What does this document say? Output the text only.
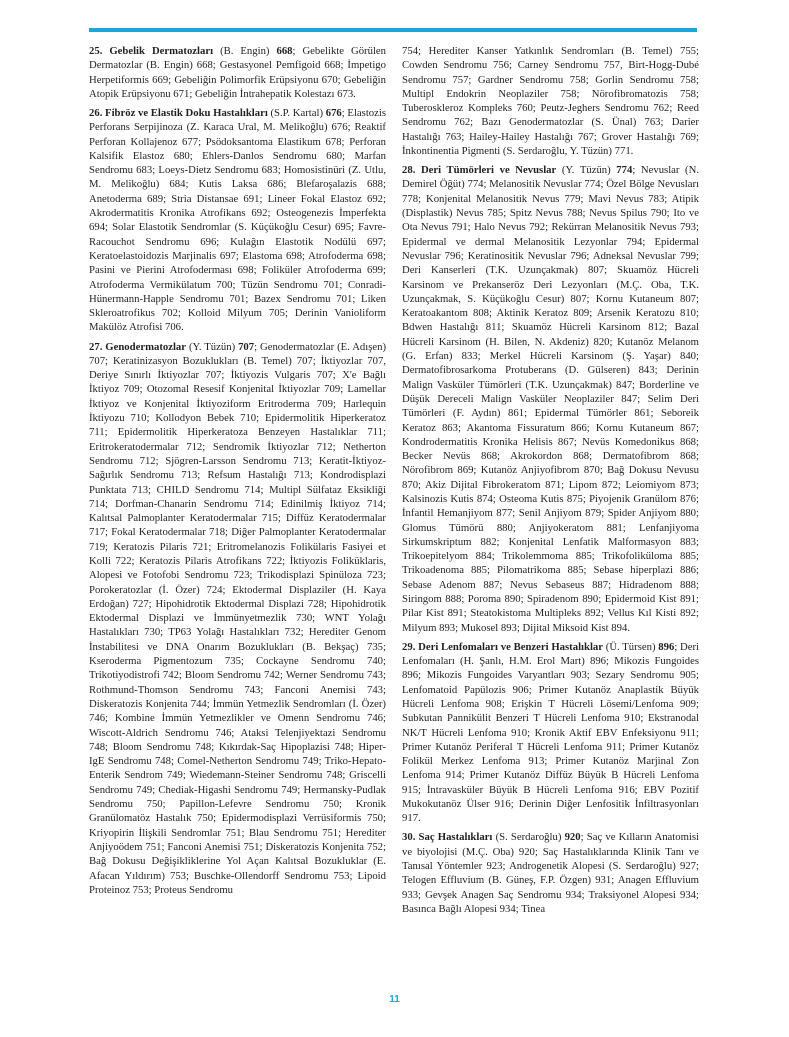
25. Gebelik Dermatozları (B. Engin) 668; Gebelikte Görülen Dermatozlar (B. Engin) 668; Gestasyonel Pemfigoid 668; İmpetigo Herpetiformis 669; Gebeliğin Polimorfik Erüpsiyonu 670; Gebeliğin Atopik Erüpsiyonu 671; Gebeliğin İntrahepatik Kolestazı 673.

26. Fibröz ve Elastik Doku Hastalıkları (S.P. Kartal) 676; Elastozis Perforans Serpijinoza (Z. Karaca Ural, M. Melikoğlu) 676; Reaktif Perforan Kollajenoz 677; Psödoksantoma Elastikum 678; Perforan Kalsifik Elastoz 680; Ehlers-Danlos Sendromu 680; Marfan Sendromu 683; Loeys-Dietz Sendromu 683; Homosistinüri (Z. Utlu, M. Melikoğlu) 684; Kutis Laksa 686; Blefaroşalazis 688; Anetoderma 689; Stria Distansae 691; Lineer Fokal Elastoz 692; Akrodermatitis Kronika Atrofikans 692; Osteogenezis İmperfekta 694; Solar Elastotik Sendromlar (S. Küçükoğlu Cesur) 695; Favre-Racouchot Sendromu 696; Kulağın Elastotik Nodülü 697; Keratoelastoidozis Marjinalis 697; Elastoma 698; Atrofoderma 698; Pasini ve Pierini Atrofoderması 698; Foliküler Atrofoderma 699; Atrofoderma Vermikülatum 700; Tüzün Sendromu 701; Conradi-Hünermann-Happle Sendromu 701; Bazex Sendromu 701; Liken Skleroatrofikus 702; Kolloid Milyum 705; Derinin Vanioliform Makülöz Atrofisi 706.

27. Genodermatozlar (Y. Tüzün) 707; Genodermatozlar (E. Adışen) 707; Keratinizasyon Bozuklukları (B. Temel) 707; İktiyozlar 707, Deriye Sınırlı İktiyozlar 707; İktiyozis Vulgaris 707; X'e Bağlı İktiyoz 709; Otozomal Resesif Konjenital İktiyozlar 709; Lamellar İktiyoz ve Konjenital İktiyoziform Eritroderma 709; Harlequin İktiyozu 710; Kollodyon Bebek 710; Epidermolitik Hiperkeratoz 711; Epidermolitik Hiperkeratoza Benzeyen Hastalıklar 711; Eritrokeratodermalar 712; Sendromik İktiyozlar 712; Netherton Sendromu 712; Sjögren-Larsson Sendromu 713; Keratit-İktiyoz-Sağırlık Sendromu 713; Refsum Hastalığı 713; Kondrodisplazi Punktata 713; CHILD Sendromu 714; Multipl Sülfataz Eksikliği 714; Dorfman-Chanarin Sendromu 714; Edinilmiş İktiyoz 714; Kalıtsal Palmoplanter Keratodermalar 715; Diffüz Keratodermalar 717; Fokal Keratodermalar 718; Diğer Palmoplanter Keratodermalar 719; Keratozis Pilaris 721; Eritromelanozis Folikülaris Fasiyei et Kolli 722; Keratozis Pilaris Atrofikans 722; İktiyozis Foliküklaris, Alopesi ve Fotofobi Sendromu 723; Trikodisplazi Spinüloza 723; Porokeratozlar (İ. Özer) 724; Ektodermal Displaziler (H. Kaya Erdoğan) 727; Hipohidrotik Ektodermal Displazi 728; Hipohidrotik Ektodermal Displazi ve İmmünyetmezlik 730; WNT Yolağı Hastalıkları 730; TP63 Yolağı Hastalıkları 732; Herediter Genom İnstabilitesi ve DNA Onarım Bozuklukları (B. Bekşaç) 735; Kseroderma Pigmentozum 735; Cockayne Sendromu 740; Trikotiyodistrofi 742; Bloom Sendromu 742; Werner Sendromu 743; Rothmund-Thomson Sendromu 743; Fanconi Anemisi 743; Diskeratozis Konjenita 744; İmmün Yetmezlik Sendromları (İ. Özer) 746; Kombine İmmün Yetmezlikler ve Omenn Sendromu 746; Wiscott-Aldrich Sendromu 746; Ataksi Telenjiyektazi Sendromu 748; Bloom Sendromu 748; Kıkırdak-Saç Hipoplazisi 748; Hiper-IgE Sendromu 748; Comel-Netherton Sendromu 749; Triko-Hepato-Enterik Sendrom 749; Wiedemann-Steiner Sendromu 748; Griscelli Sendromu 749; Chediak-Higashi Sendromu 749; Hermansky-Pudlak Sendromu 750; Papillon-Lefevre Sendromu 750; Kronik Granülomatöz Hastalık 750; Epidermodisplazi Verrüsiformis 750; Kriyopirin İlişkili Sendromlar 751; Blau Sendromu 751; Herediter Anjiyoödem 751; Fanconi Anemisi 751; Diskeratozis Konjenita 752; Bağ Dokusu Değişikliklerine Yol Açan Kalıtsal Bozukluklar (E. Afacan Yıldırım) 753; Buschke-Ollendorff Sendromu 753; Lipoid Proteinoz 753; Proteus Sendromu

754; Herediter Kanser Yatkınlık Sendromları (B. Temel) 755; Cowden Sendromu 756; Carney Sendromu 757, Birt-Hogg-Dubé Sendromu 757; Gardner Sendromu 758; Gorlin Sendromu 758; Multipl Endokrin Neoplaziler 758; Nörofibromatozis 758; Tuberoskleroz Kompleks 760; Peutz-Jeghers Sendromu 762; Reed Sendromu 762; Bazı Genodermatozlar (S. Ünal) 763; Darier Hastalığı 763; Hailey-Hailey Hastalığı 767; Grover Hastalığı 769; İnkontinentia Pigmenti (S. Serdaroğlu, Y. Tüzün) 771.

28. Deri Tümörleri ve Nevuslar (Y. Tüzün) 774; Nevuslar (N. Demirel Öğüt) 774; Melanositik Nevuslar 774; Özel Bölge Nevusları 778; Konjenital Melanositik Nevus 779; Mavi Nevus 783; Atipik (Displastik) Nevus 785; Spitz Nevus 788; Nevus Spilus 790; Ito ve Ota Nevus 791; Halo Nevus 792; Rekürran Melanositik Nevus 793; Epidermal ve dermal Melanositik Lezyonlar 794; Epidermal Nevuslar 796; Keratinositik Nevuslar 796; Adneksal Nevuslar 799; Deri Kanserleri (T.K. Uzunçakmak) 807; Skuamöz Hücreli Karsinom ve Prekanseröz Deri Lezyonları (M.Ç. Oba, T.K. Uzunçakmak, S. Küçükoğlu Cesur) 807; Kornu Kutaneum 807; Keratoakantom 808; Aktinik Keratoz 809; Arsenik Keratozu 810; Bdwen Hastalığı 811; Skuamöz Hücreli Karsinom 812; Bazal Hücreli Karsinom (H. Bilen, N. Akdeniz) 820; Kutanöz Melanom (G. Erfan) 833; Merkel Hücreli Karsinom (Ş. Yaşar) 840; Dermatofibrosarkoma Protuberans (D. Gülseren) 843; Derinin Malign Vasküler Tümörleri (T.K. Uzunçakmak) 847; Borderline ve Düşük Dereceli Malign Vasküler Neoplaziler 847; Selim Deri Tümörleri (F. Aydın) 861; Epidermal Tümörler 861; Seboreik Keratoz 863; Akantoma Fissuratum 866; Kornu Kutaneum 867; Kondrodermatitis Kronika Helisis 867; Nevüs Komedonikus 868; Becker Nevüs 868; Akrokordon 868; Dermatofibrom 868; Nörofibrom 869; Kutanöz Anjiyofibrom 870; Bağ Dokusu Nevusu 870; Akiz Dijital Fibrokeratom 871; Lipom 872; Leiomiyom 873; Kalsinozis Kutis 874; Osteoma Kutis 875; Piyojenik Granülom 876; İnfantil Hemanjiyom 877; Senil Anjiyom 879; Spider Anjiyom 880; Glomus Tümörü 880; Anjiyokeratom 881; Lenfanjiyoma Sirkumskriptum 882; Konjenital Lenfatik Malformasyon 883; Trikoepitelyom 884; Trikolemmoma 885; Trikofoliküloma 885; Trikoadenoma 885; Pilomatrikoma 885; Sebase hiperplazi 886; Sebase Adenom 887; Nevus Sebaseus 887; Hidradenom 888; Siringom 888; Poroma 890; Spiradenom 890; Epidermoid Kist 891; Pilar Kist 891; Steatokistoma Multipleks 892; Vellus Kıl Kisti 892; Milyum 893; Mukosel 893; Dijital Miksoid Kist 894.

29. Deri Lenfomaları ve Benzeri Hastalıklar (Ü. Türsen) 896; Deri Lenfomaları (H. Şanlı, H.M. Erol Mart) 896; Mikozis Fungoides 896; Mikozis Fungoides Varyantları 903; Sezary Sendromu 905; Lenfomatoid Papülozis 906; Primer Kutanöz Anaplastik Büyük Hücreli Lenfoma 908; Erişkin T Hücreli Lösemi/Lenfoma 909; Subkutan Pannikülit Benzeri T Hücreli Lenfoma 910; Ekstranodal NK/T Hücreli Lenfoma 910; Kronik Aktif EBV Enfeksiyonu 911; Primer Kutanöz Periferal T Hücreli Lenfoma 911; Primer Kutanöz Folikül Merkez Lenfoma 913; Primer Kutanöz Marjinal Zon Lenfoma 914; Primer Kutanöz Diffüz Büyük B Hücreli Lenfoma 915; İntravasküler Büyük B Hücreli Lenfoma 916; EBV Pozitif Mukokutanöz Ülser 916; Derinin Diğer Lenfositik İnfiltrasyonları 917.

30. Saç Hastalıkları (S. Serdaroğlu) 920; Saç ve Kılların Anatomisi ve biyolojisi (M.Ç. Oba) 920; Saç Hastalıklarında Klinik Tanı ve Tanısal Yöntemler 923; Androgenetik Alopesi (S. Serdaroğlu) 927; Telogen Effluvium (B. Güneş, F.P. Özgen) 931; Anagen Effluvium 933; Gevşek Anagen Saç Sendromu 934; Traksiyonel Alopesi 934; Basınca Bağlı Alopesi 934; Tinea

11
